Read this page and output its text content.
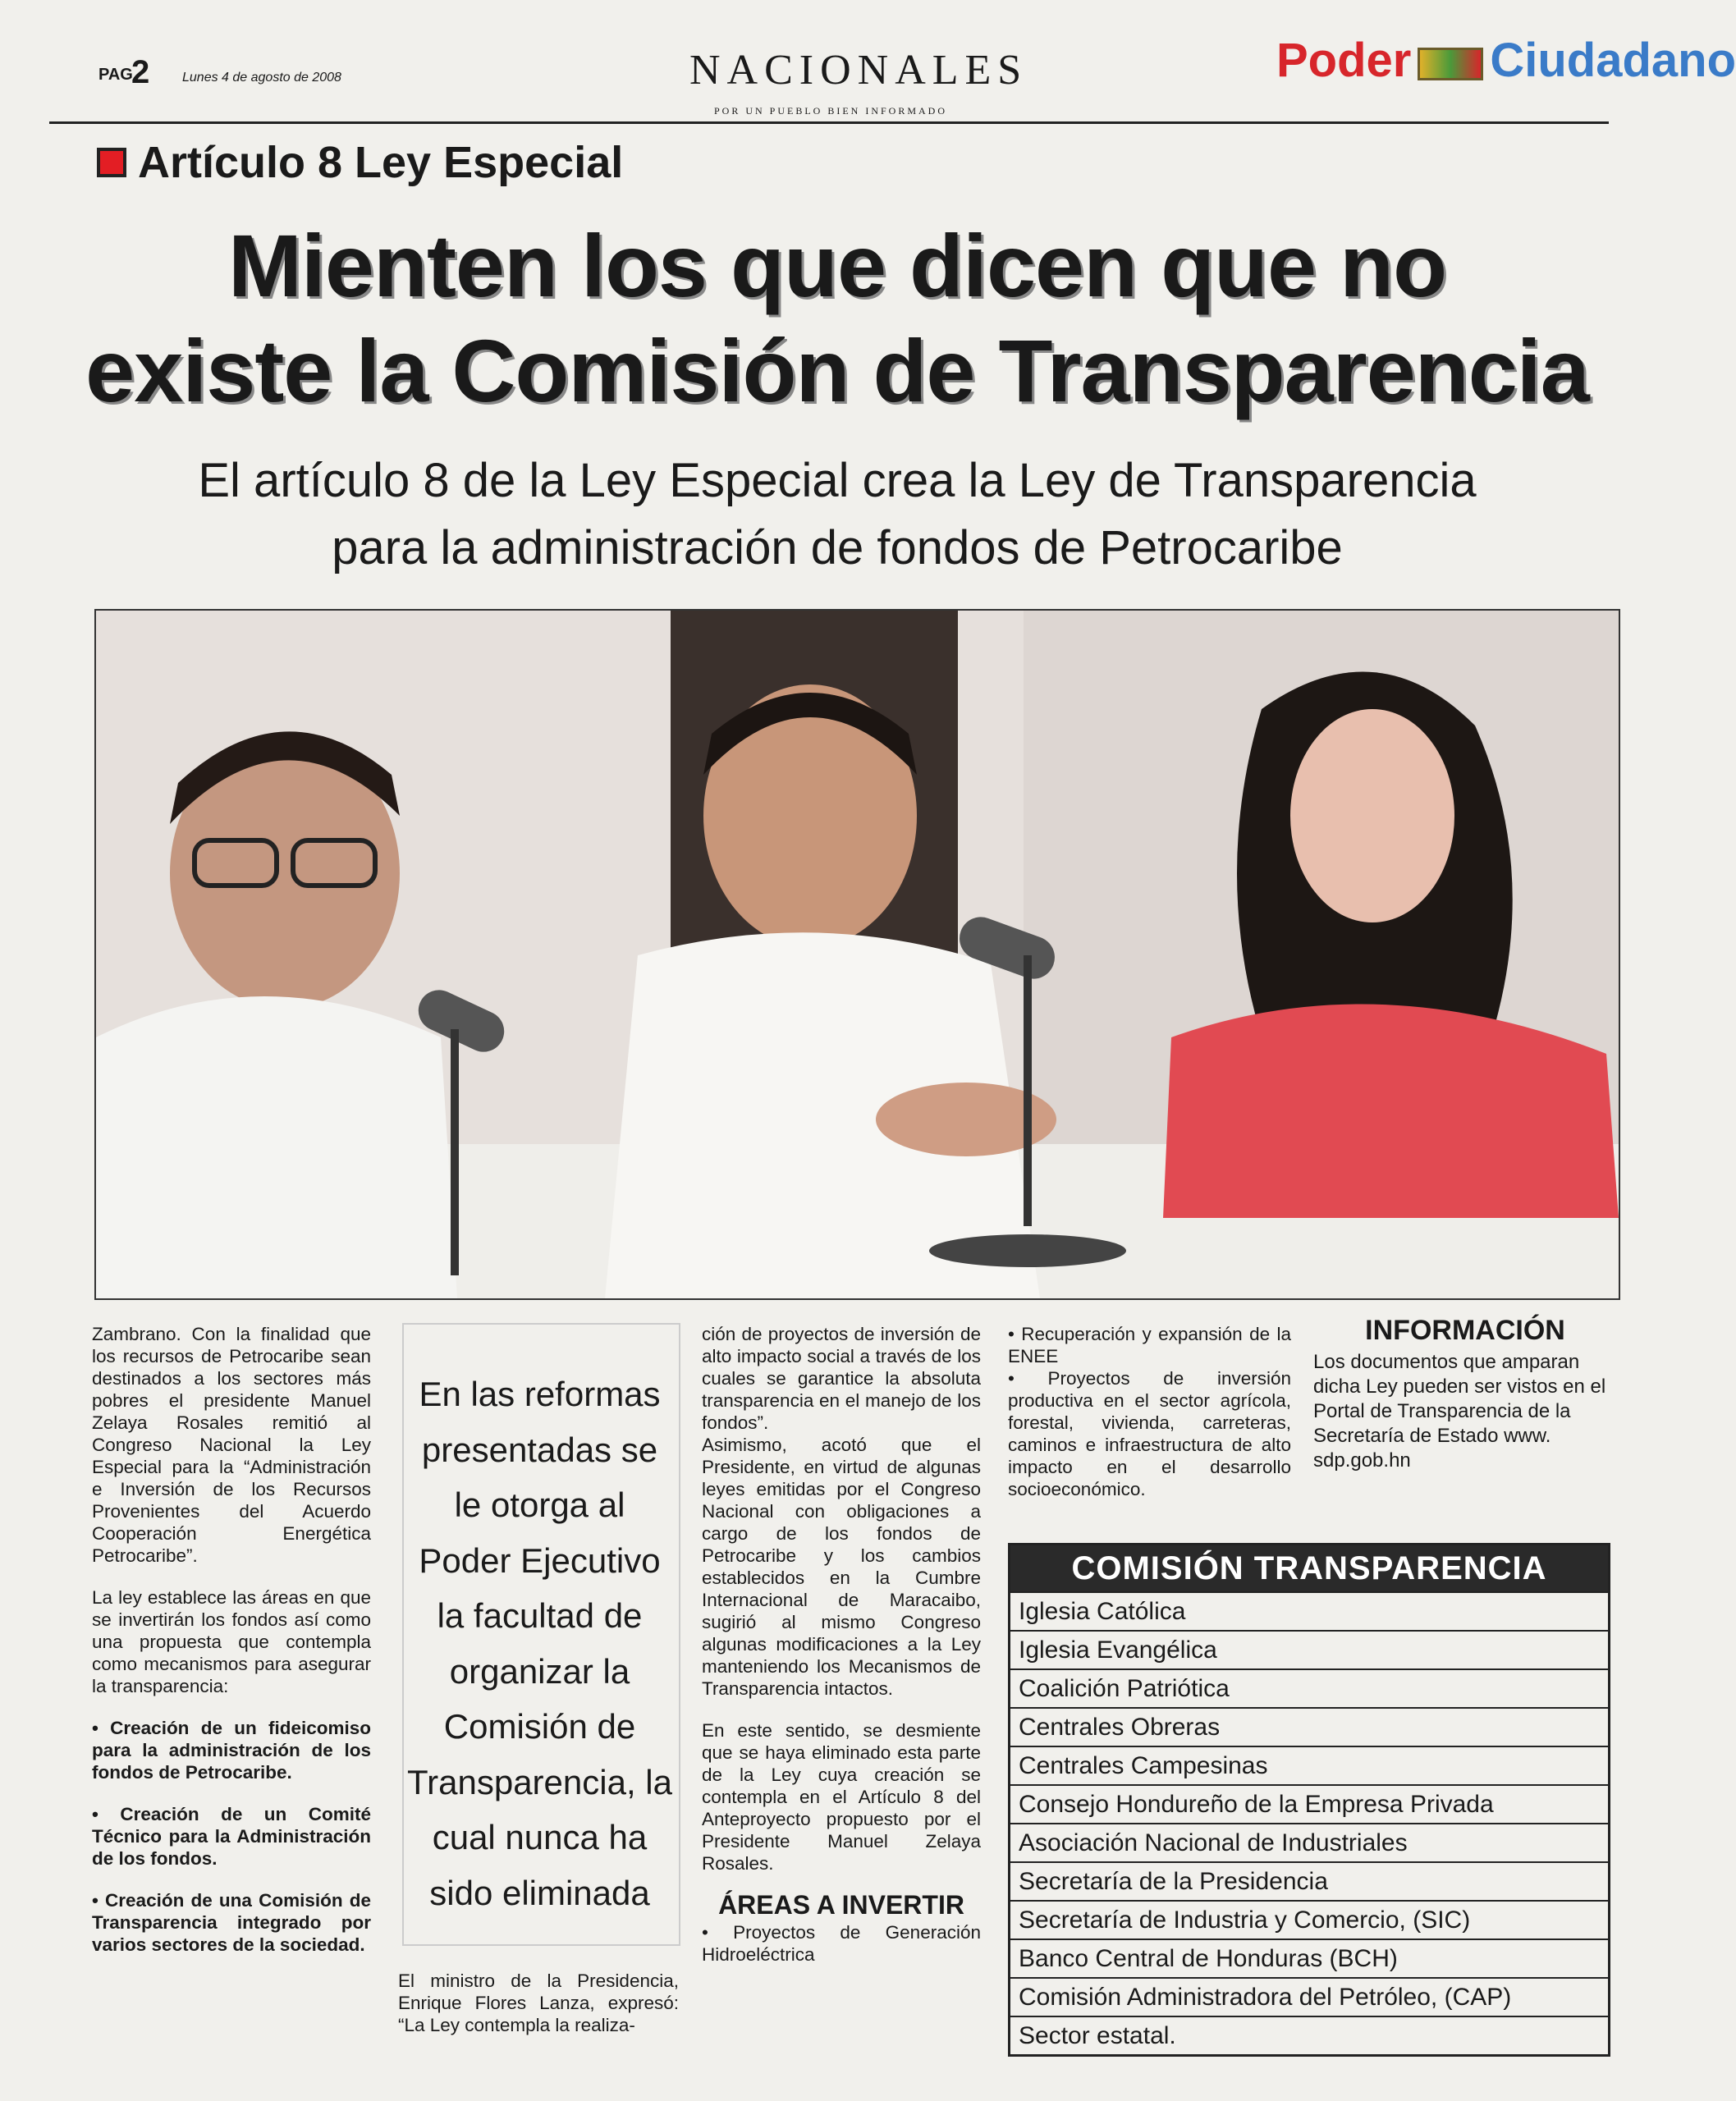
PAG.
2 Lunes 4 de agosto de 2008	NACIONALES
POR UN PUEBLO BIEN INFORMADO
Poder Ciudadano
Artículo 8 Ley Especial
Mienten los que dicen que no
existe la Comisión de Transparencia
El artículo 8 de la Ley Especial crea la Ley de Transparencia
para la administración de fondos de Petrocaribe

Zambrano. Con la finalidad que los recursos de Petrocaribe sean destinados a los sectores más pobres el presidente Manuel Zelaya Rosales remitió al Congreso Nacional la Ley Especial para la “Administración e Inversión de los Recursos Provenientes del Acuerdo Cooperación Energética Petrocaribe”.

La ley establece las áreas en que se invertirán los fondos así como una propuesta que contempla como mecanismos para asegurar la transparencia:

• Creación de un fideicomiso para la administración de los fondos de Petrocaribe.

• Creación de un Comité Técnico para la Administración de los fondos.

• Creación de una Comisión de Transparencia integrado por varios sectores de la sociedad.

En las reformas presentadas se le otorga al Poder Ejecutivo la facultad de organizar la Comisión de Transparencia, la cual nunca ha sido eliminada

El ministro de la Presidencia, Enrique Flores Lanza, expresó: “La Ley contempla la realiza-

ción de proyectos de inversión de alto impacto social a través de los cuales se garantice la absoluta transparencia en el manejo de los fondos”.

Asimismo, acotó que el Presidente, en virtud de algunas leyes emitidas por el Congreso Nacional con obligaciones a cargo de los fondos de Petrocaribe y los cambios establecidos en la Cumbre Internacional de Maracaibo, sugirió al mismo Congreso algunas modificaciones a la Ley manteniendo los Mecanismos de Transparencia intactos.

En este sentido, se desmiente que se haya eliminado esta parte de la Ley cuya creación se contempla en el Artículo 8 del Anteproyecto propuesto por el Presidente Manuel Zelaya Rosales.

ÁREAS A INVERTIR

• Proyectos de Generación Hidroeléctrica

• Recuperación y expansión de la ENEE

• Proyectos de inversión productiva en el sector agrícola, forestal, vivienda, carreteras, caminos e infraestructura de alto impacto en el desarrollo socioeconómico.

INFORMACIÓN
Los documentos que amparan dicha Ley pueden ser vistos en el Portal de Transparencia de la Secretaría de Estado www. sdp.gob.hn
COMISIÓN TRANSPARENCIA
Iglesia Católica
Iglesia Evangélica
Coalición Patriótica
Centrales Obreras
Centrales Campesinas
Consejo Hondureño de la Empresa Privada
Asociación Nacional de Industriales
Secretaría de la Presidencia
Secretaría de Industria y Comercio, (SIC)
Banco Central de Honduras (BCH)
Comisión Administradora del Petróleo, (CAP)
Sector estatal.
